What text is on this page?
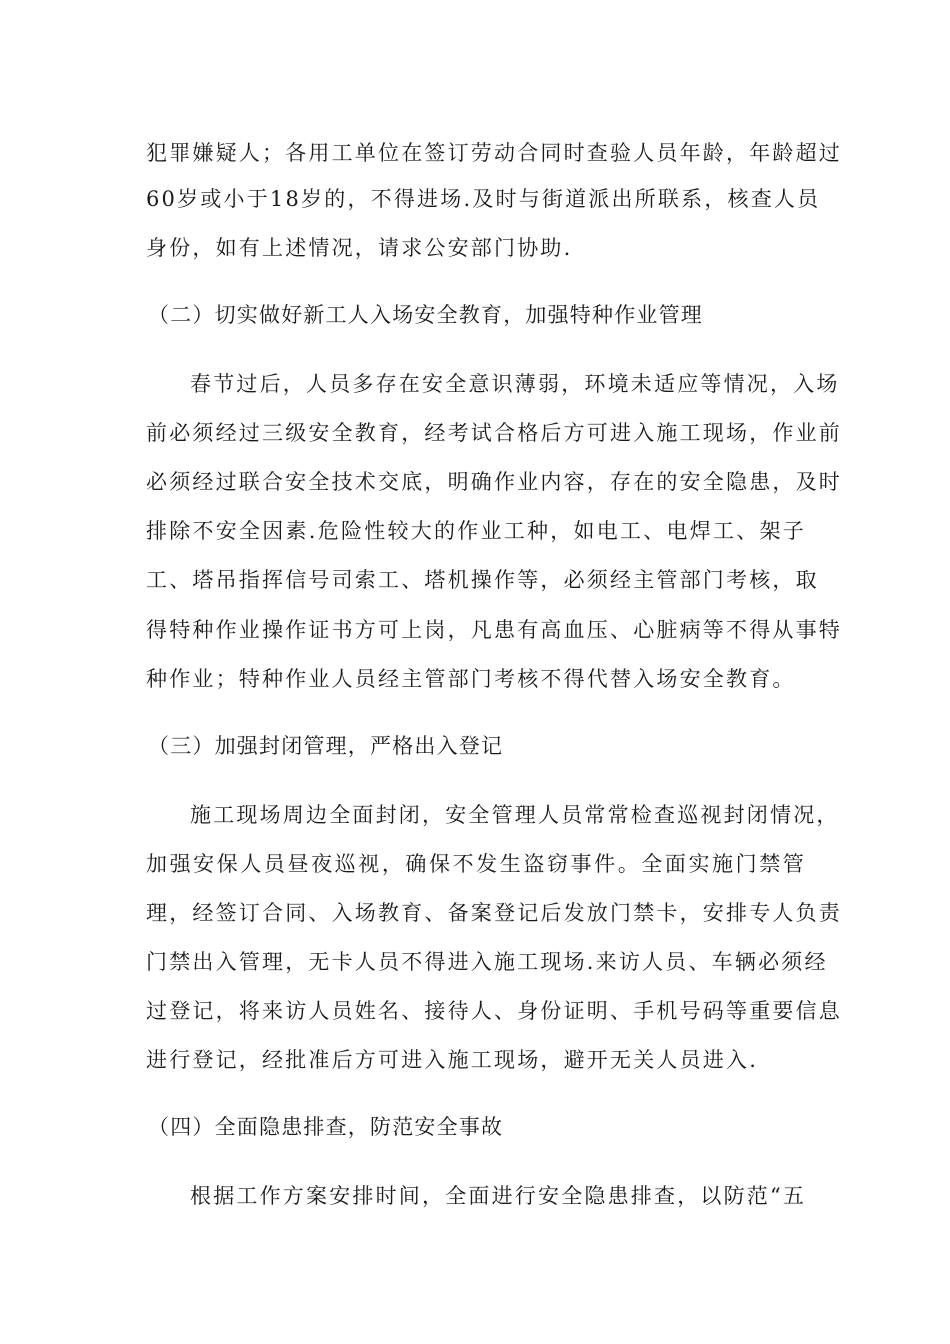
犯罪嫌疑人；各用工单位在签订劳动合同时查验人员年龄，年龄超过
60岁或小于18岁的，不得进场.及时与街道派出所联系，核查人员
身份，如有上述情况，请求公安部门协助.
（二）切实做好新工人入场安全教育，加强特种作业管理
春节过后，人员多存在安全意识薄弱，环境未适应等情况，入场
前必须经过三级安全教育，经考试合格后方可进入施工现场，作业前
必须经过联合安全技术交底，明确作业内容，存在的安全隐患，及时
排除不安全因素.危险性较大的作业工种，如电工、电焊工、架子
工、塔吊指挥信号司索工、塔机操作等，必须经主管部门考核，取
得特种作业操作证书方可上岗，凡患有高血压、心脏病等不得从事特
种作业；特种作业人员经主管部门考核不得代替入场安全教育。
（三）加强封闭管理，严格出入登记
施工现场周边全面封闭，安全管理人员常常检查巡视封闭情况，
加强安保人员昼夜巡视，确保不发生盗窃事件。全面实施门禁管
理，经签订合同、入场教育、备案登记后发放门禁卡，安排专人负责
门禁出入管理，无卡人员不得进入施工现场.来访人员、车辆必须经
过登记，将来访人员姓名、接待人、身份证明、手机号码等重要信息
进行登记，经批准后方可进入施工现场，避开无关人员进入.
（四）全面隐患排查，防范安全事故
根据工作方案安排时间，全面进行安全隐患排查，以防范“五
